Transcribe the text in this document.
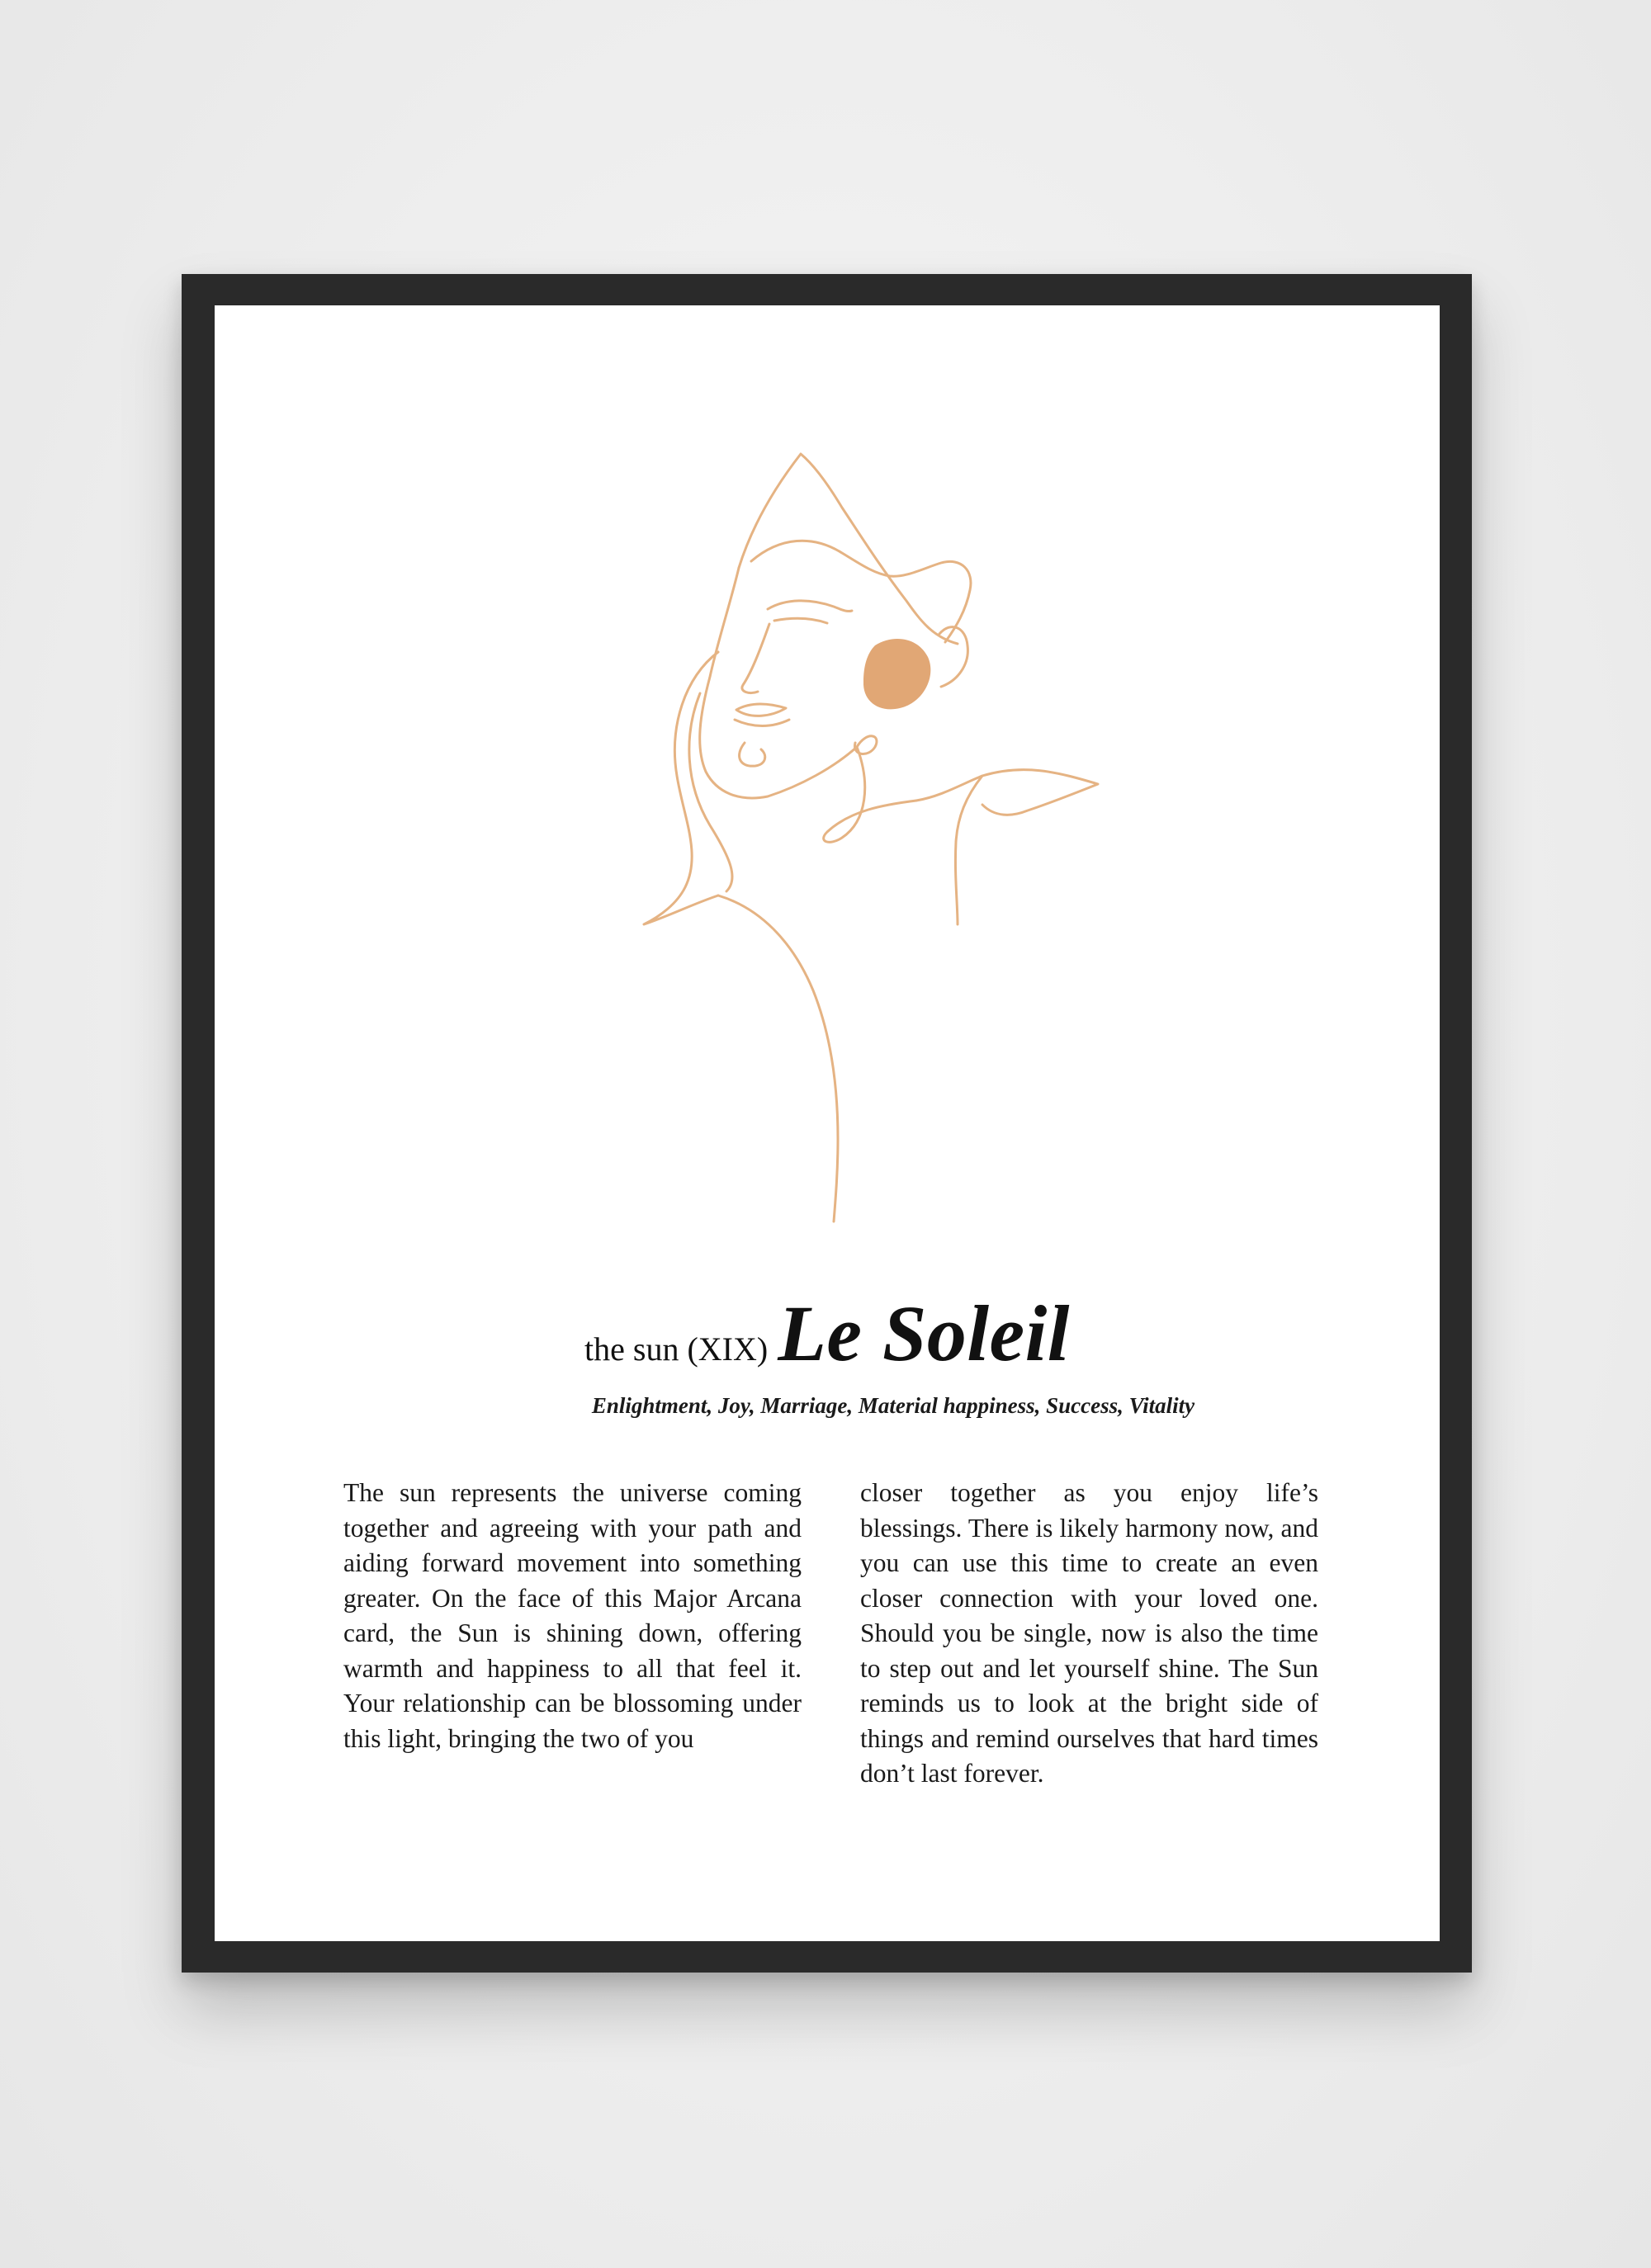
the sun (XIX) Le Soleil
Enlightment, Joy, Marriage, Material happiness, Success, Vitality
The sun represents the universe coming together and agreeing with your path and aiding forward movement into something greater. On the face of this Major Arcana card, the Sun is shining down, offering warmth and happiness to all that feel it. Your relationship can be blossoming under this light, bringing the two of you
closer together as you enjoy life’s blessings. There is likely harmony now, and you can use this time to create an even closer connection with your loved one. Should you be single, now is also the time to step out and let yourself shine. The Sun reminds us to look at the bright side of things and remind ourselves that hard times don’t last forever.
